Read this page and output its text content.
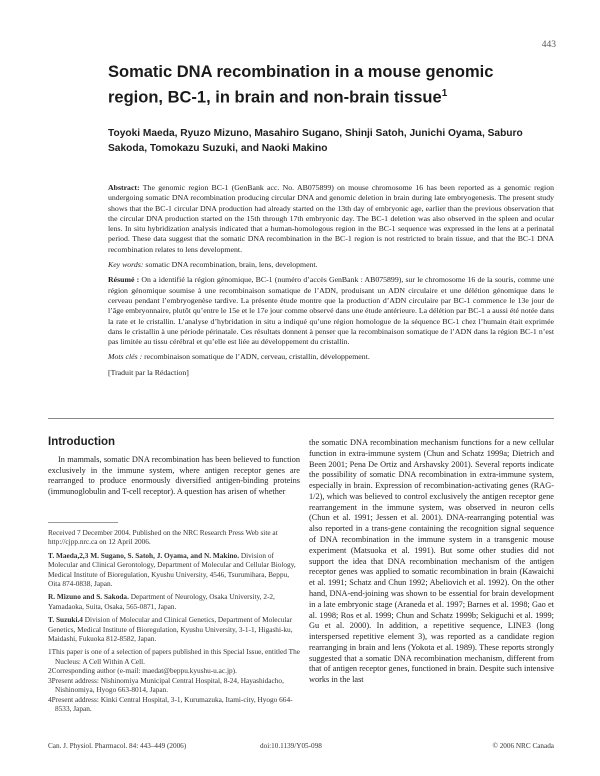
443
Somatic DNA recombination in a mouse genomic region, BC-1, in brain and non-brain tissue$^1$
Toyoki Maeda, Ryuzo Mizuno, Masahiro Sugano, Shinji Satoh, Junichi Oyama, Saburo Sakoda, Tomokazu Suzuki, and Naoki Makino

Abstract: The genomic region BC-1 (GenBank acc. No. AB075899) on mouse chromosome 16 has been reported as a genomic region undergoing somatic DNA recombination producing circular DNA and genomic deletion in brain during late embryogenesis. The present study shows that the BC-1 circular DNA production had already started on the 13th day of embryonic age, earlier than the previous observation that the circular DNA production started on the 15th through 17th embryonic day. The BC-1 deletion was also observed in the spleen and ocular lens. In situ hybridization analysis indicated that a human-homologous region in the BC-1 sequence was expressed in the lens at a perinatal period. These data suggest that the somatic DNA recombination in the BC-1 region is not restricted to brain tissue, and that the BC-1 DNA recombination relates to lens development.

Key words: somatic DNA recombination, brain, lens, development.

Résumé : On a identifié la région génomique, BC-1 (numéro d’accès GenBank : AB075899), sur le chromosome 16 de la souris, comme une région génomique soumise à une recombinaison somatique de l’ADN, produisant un ADN circulaire et une délétion génomique dans le cerveau pendant l’embryogenèse tardive. La présente étude montre que la production d’ADN circulaire par BC-1 commence le 13e jour de l’âge embryonnaire, plutôt qu’entre le 15e et le 17e jour comme observé dans une étude antérieure. La délétion par BC-1 a aussi été notée dans la rate et le cristallin. L’analyse d’hybridation in situ a indiqué qu’une région homologue de la séquence BC-1 chez l’humain était exprimée dans le cristallin à une période périnatale. Ces résultats donnent à penser que la recombinaison somatique de l’ADN dans la région BC-1 n’est pas limitée au tissu cérébral et qu’elle est liée au développement du cristallin.

Mots clés : recombinaison somatique de l’ADN, cerveau, cristallin, développement.

[Traduit par la Rédaction]

Introduction

In mammals, somatic DNA recombination has been believed to function exclusively in the immune system, where antigen receptor genes are rearranged to produce enormously diversified antigen-binding proteins (immunoglobulin and T-cell receptor). A question has arisen of whether

Received 7 December 2004. Published on the NRC Research Press Web site at http://cjpp.nrc.ca on 12 April 2006.

T. Maeda,2,3 M. Sugano, S. Satoh, J. Oyama, and N. Makino. Division of Molecular and Clinical Gerontology, Department of Molecular and Cellular Biology, Medical Institute of Bioregulation, Kyushu University, 4546, Tsurumihara, Beppu, Oita 874-0838, Japan.

R. Mizuno and S. Sakoda. Department of Neurology, Osaka University, 2-2, Yamadaoka, Suita, Osaka, 565-0871, Japan.

T. Suzuki.4 Division of Molecular and Clinical Genetics, Department of Molecular Genetics, Medical Institute of Bioregulation, Kyushu University, 3-1-1, Higashi-ku, Maidashi, Fukuoka 812-8582, Japan.

1This paper is one of a selection of papers published in this Special Issue, entitled The Nucleus: A Cell Within A Cell.

2Corresponding author (e-mail: maedat@beppu.kyushu-u.ac.jp).

3Present address: Nishinomiya Municipal Central Hospital, 8-24, Hayashidacho, Nishinomiya, Hyogo 663-8014, Japan.

4Present address: Kinki Central Hospital, 3-1, Kurumazuka, Itami-city, Hyogo 664-8533, Japan.

the somatic DNA recombination mechanism functions for a new cellular function in extra-immune system (Chun and Schatz 1999a; Dietrich and Been 2001; Pena De Ortiz and Arshavsky 2001). Several reports indicate the possibility of somatic DNA recombination in extra-immune system, especially in brain. Expression of recombination-activating genes (RAG-1/2), which was believed to control exclusively the antigen receptor gene rearrangement in the immune system, was observed in neuron cells (Chun et al. 1991; Jessen et al. 2001). DNA-rearranging potential was also reported in a trans-gene containing the recognition signal sequence of DNA recombination in the immune system in a transgenic mouse experiment (Matsuoka et al. 1991). But some other studies did not support the idea that DNA recombination mechanism of the antigen receptor genes was applied to somatic recombination in brain (Kawaichi et al. 1991; Schatz and Chun 1992; Abeliovich et al. 1992). On the other hand, DNA-end-joining was shown to be essential for brain development in a late embryonic stage (Araneda et al. 1997; Barnes et al. 1998; Gao et al. 1998; Ros et al. 1999; Chun and Schatz 1999b; Sekiguchi et al. 1999; Gu et al. 2000). In addition, a repetitive sequence, LINE3 (long interspersed repetitive element 3), was reported as a candidate region rearranging in brain and lens (Yokota et al. 1989). These reports strongly suggested that a somatic DNA recombination mechanism, different from that of antigen receptor genes, functioned in brain. Despite such intensive works in the last

Can. J. Physiol. Pharmacol. 84: 443–449 (2006)	doi:10.1139/Y05-098	© 2006 NRC Canada
